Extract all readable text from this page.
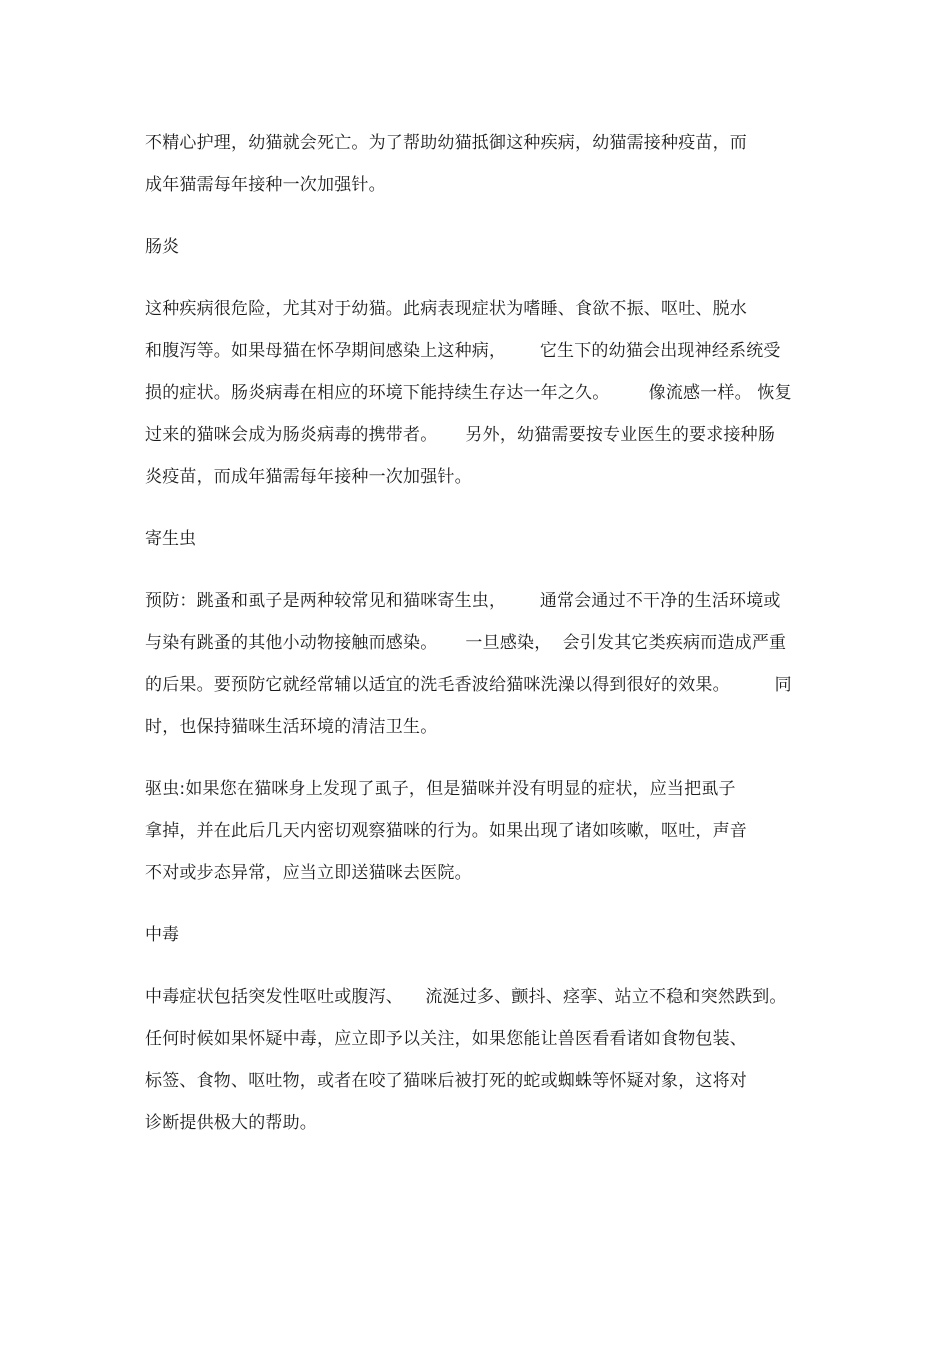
不精心护理，幼猫就会死亡。为了帮助幼猫抵御这种疾病，幼猫需接种疫苗，而
成年猫需每年接种一次加强针。
肠炎
这种疾病很危险，尤其对于幼猫。此病表现症状为嗜睡、食欲不振、呕吐、脱水
和腹泻等。如果母猫在怀孕期间感染上这种病，      它生下的幼猫会出现神经系统受
损的症状。肠炎病毒在相应的环境下能持续生存达一年之久。       像流感一样。 恢复
过来的猫咪会成为肠炎病毒的携带者。     另外，幼猫需要按专业医生的要求接种肠
炎疫苗，而成年猫需每年接种一次加强针。
寄生虫
预防：跳蚤和虱子是两种较常见和猫咪寄生虫，      通常会通过不干净的生活环境或
与染有跳蚤的其他小动物接触而感染。     一旦感染，  会引发其它类疾病而造成严重
的后果。要预防它就经常辅以适宜的洗毛香波给猫咪洗澡以得到很好的效果。        同
时，也保持猫咪生活环境的清洁卫生。
驱虫:如果您在猫咪身上发现了虱子，但是猫咪并没有明显的症状，应当把虱子
拿掉，并在此后几天内密切观察猫咪的行为。如果出现了诸如咳嗽，呕吐，声音
不对或步态异常，应当立即送猫咪去医院。
中毒
中毒症状包括突发性呕吐或腹泻、    流涎过多、颤抖、痉挛、站立不稳和突然跌到。
任何时候如果怀疑中毒，应立即予以关注，如果您能让兽医看看诸如食物包装、
标签、食物、呕吐物，或者在咬了猫咪后被打死的蛇或蜘蛛等怀疑对象，这将对
诊断提供极大的帮助。
